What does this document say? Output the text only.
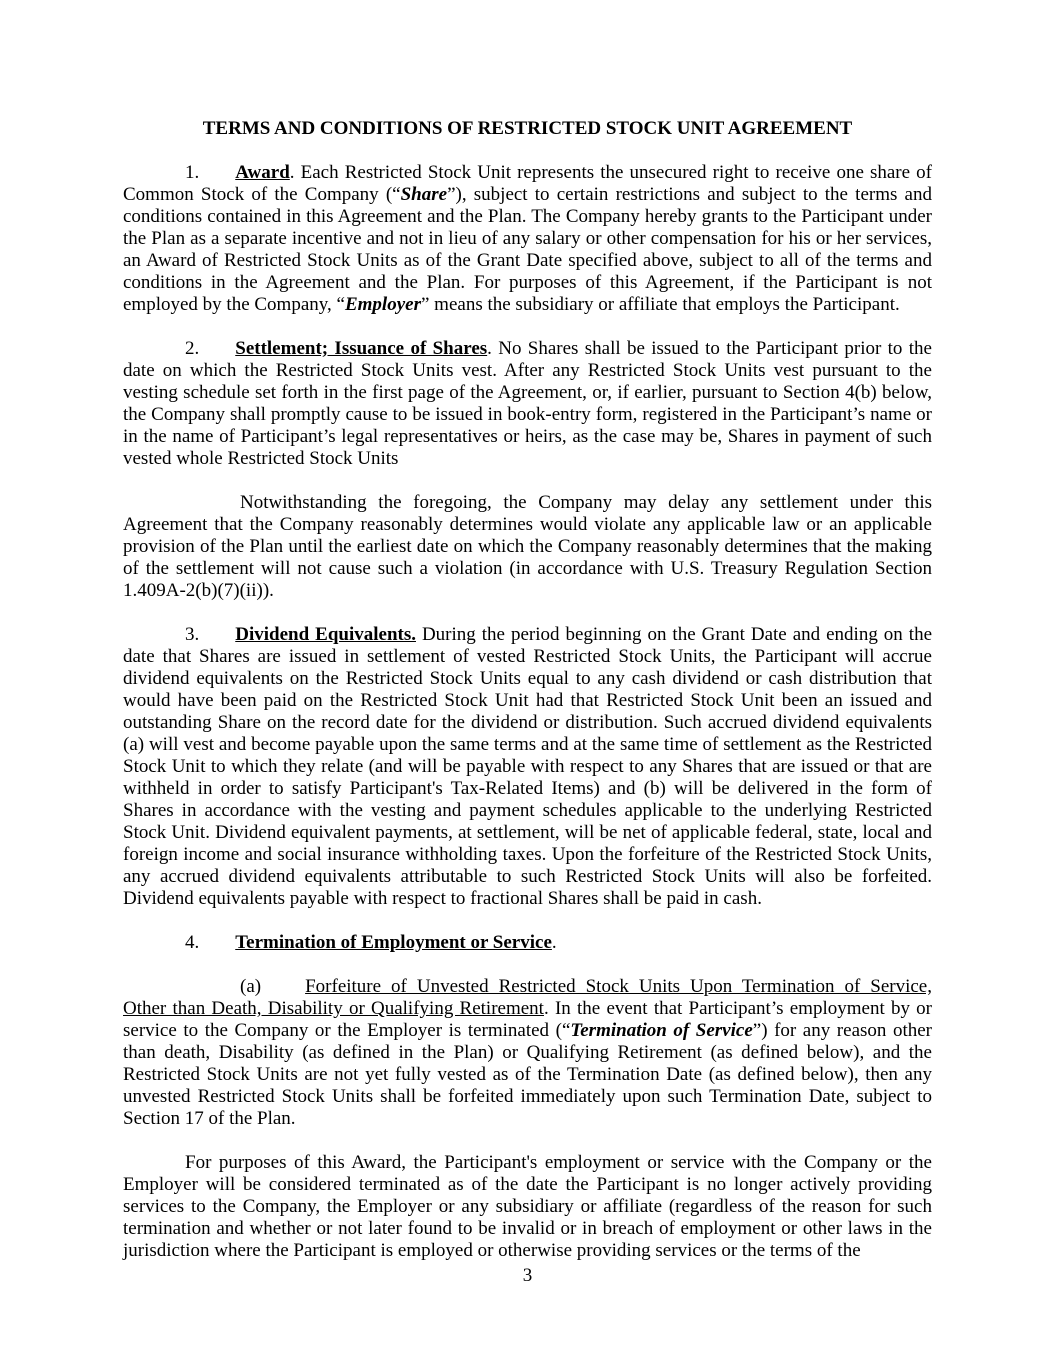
TERMS AND CONDITIONS OF RESTRICTED STOCK UNIT AGREEMENT

1. Award. Each Restricted Stock Unit represents the unsecured right to receive one share of Common Stock of the Company (“Share”), subject to certain restrictions and subject to the terms and conditions contained in this Agreement and the Plan. The Company hereby grants to the Participant under the Plan as a separate incentive and not in lieu of any salary or other compensation for his or her services, an Award of Restricted Stock Units as of the Grant Date specified above, subject to all of the terms and conditions in the Agreement and the Plan. For purposes of this Agreement, if the Participant is not employed by the Company, “Employer” means the subsidiary or affiliate that employs the Participant.

2. Settlement; Issuance of Shares. No Shares shall be issued to the Participant prior to the date on which the Restricted Stock Units vest. After any Restricted Stock Units vest pursuant to the vesting schedule set forth in the first page of the Agreement, or, if earlier, pursuant to Section 4(b) below, the Company shall promptly cause to be issued in book-entry form, registered in the Participant’s name or in the name of Participant’s legal representatives or heirs, as the case may be, Shares in payment of such vested whole Restricted Stock Units

Notwithstanding the foregoing, the Company may delay any settlement under this Agreement that the Company reasonably determines would violate any applicable law or an applicable provision of the Plan until the earliest date on which the Company reasonably determines that the making of the settlement will not cause such a violation (in accordance with U.S. Treasury Regulation Section 1.409A-2(b)(7)(ii)).

3. Dividend Equivalents. During the period beginning on the Grant Date and ending on the date that Shares are issued in settlement of vested Restricted Stock Units, the Participant will accrue dividend equivalents on the Restricted Stock Units equal to any cash dividend or cash distribution that would have been paid on the Restricted Stock Unit had that Restricted Stock Unit been an issued and outstanding Share on the record date for the dividend or distribution. Such accrued dividend equivalents (a) will vest and become payable upon the same terms and at the same time of settlement as the Restricted Stock Unit to which they relate (and will be payable with respect to any Shares that are issued or that are withheld in order to satisfy Participant's Tax-Related Items) and (b) will be delivered in the form of Shares in accordance with the vesting and payment schedules applicable to the underlying Restricted Stock Unit. Dividend equivalent payments, at settlement, will be net of applicable federal, state, local and foreign income and social insurance withholding taxes. Upon the forfeiture of the Restricted Stock Units, any accrued dividend equivalents attributable to such Restricted Stock Units will also be forfeited. Dividend equivalents payable with respect to fractional Shares shall be paid in cash.

4. Termination of Employment or Service.

(a) Forfeiture of Unvested Restricted Stock Units Upon Termination of Service, Other than Death, Disability or Qualifying Retirement. In the event that Participant’s employment by or service to the Company or the Employer is terminated (“Termination of Service”) for any reason other than death, Disability (as defined in the Plan) or Qualifying Retirement (as defined below), and the Restricted Stock Units are not yet fully vested as of the Termination Date (as defined below), then any unvested Restricted Stock Units shall be forfeited immediately upon such Termination Date, subject to Section 17 of the Plan.

For purposes of this Award, the Participant's employment or service with the Company or the Employer will be considered terminated as of the date the Participant is no longer actively providing services to the Company, the Employer or any subsidiary or affiliate (regardless of the reason for such termination and whether or not later found to be invalid or in breach of employment or other laws in the jurisdiction where the Participant is employed or otherwise providing services or the terms of the

3
